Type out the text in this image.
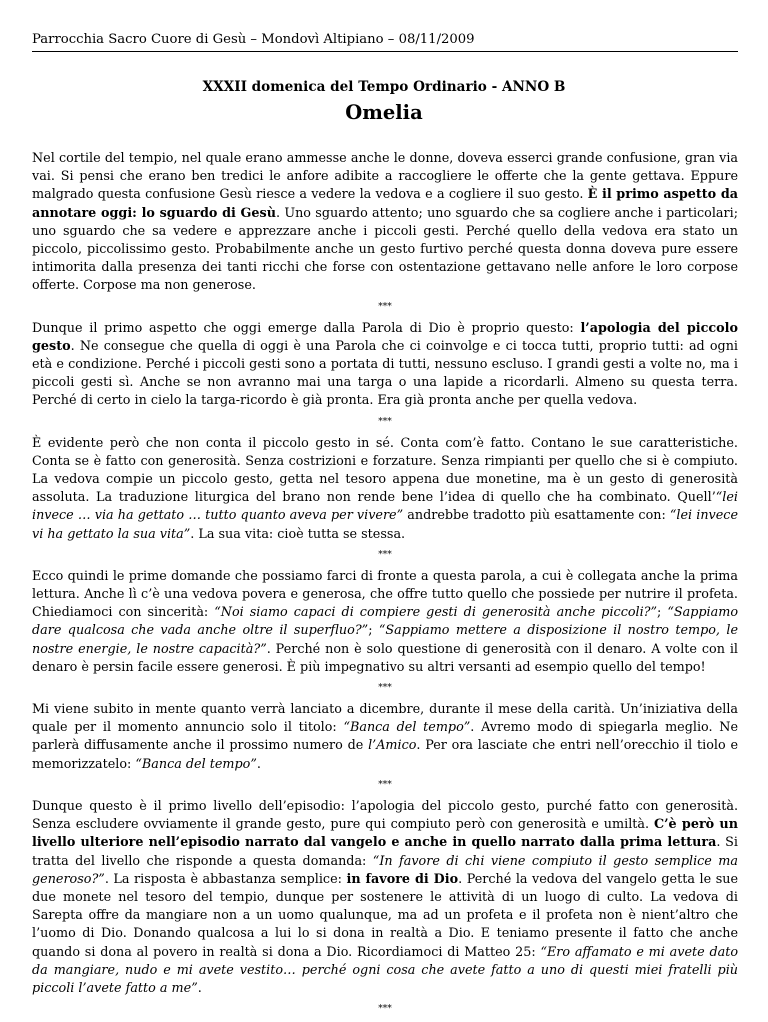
Parrocchia Sacro Cuore di Gesù – Mondovì Altipiano – 08/11/2009
XXXII domenica del Tempo Ordinario - ANNO B
Omelia

Nel cortile del tempio, nel quale erano ammesse anche le donne, doveva esserci grande confusione, gran via vai. Si pensi che erano ben tredici le anfore adibite a raccogliere le offerte che la gente gettava. Eppure malgrado questa confusione Gesù riesce a vedere la vedova e a cogliere il suo gesto. È il primo aspetto da annotare oggi: lo sguardo di Gesù. Uno sguardo attento; uno sguardo che sa cogliere anche i particolari; uno sguardo che sa vedere e apprezzare anche i piccoli gesti. Perché quello della vedova era stato un piccolo, piccolissimo gesto. Probabilmente anche un gesto furtivo perché questa donna doveva pure essere intimorita dalla presenza dei tanti ricchi che forse con ostentazione gettavano nelle anfore le loro corpose offerte. Corpose ma non generose.

***

Dunque il primo aspetto che oggi emerge dalla Parola di Dio è proprio questo: l’apologia del piccolo gesto. Ne consegue che quella di oggi è una Parola che ci coinvolge e ci tocca tutti, proprio tutti: ad ogni età e condizione. Perché i piccoli gesti sono a portata di tutti, nessuno escluso. I grandi gesti a volte no, ma i piccoli gesti sì. Anche se non avranno mai una targa o una lapide a ricordarli. Almeno su questa terra. Perché di certo in cielo la targa-ricordo è già pronta. Era già pronta anche per quella vedova.

***

È evidente però che non conta il piccolo gesto in sé. Conta com’è fatto. Contano le sue caratteristiche. Conta se è fatto con generosità. Senza costrizioni e forzature. Senza rimpianti per quello che si è compiuto. La vedova compie un piccolo gesto, getta nel tesoro appena due monetine, ma è un gesto di generosità assoluta. La traduzione liturgica del brano non rende bene l’idea di quello che ha combinato. Quell’“lei invece … via ha gettato … tutto quanto aveva per vivere” andrebbe tradotto più esattamente con: “lei invece vi ha gettato la sua vita”. La sua vita: cioè tutta se stessa.

***

Ecco quindi le prime domande che possiamo farci di fronte a questa parola, a cui è collegata anche la prima lettura. Anche lì c’è una vedova povera e generosa, che offre tutto quello che possiede per nutrire il profeta. Chiediamoci con sincerità: “Noi siamo capaci di compiere gesti di generosità anche piccoli?”; “Sappiamo dare qualcosa che vada anche oltre il superfluo?”; “Sappiamo mettere a disposizione il nostro tempo, le nostre energie, le nostre capacità?”. Perché non è solo questione di generosità con il denaro. A volte con il denaro è persin facile essere generosi. È più impegnativo su altri versanti ad esempio quello del tempo!

***

Mi viene subito in mente quanto verrà lanciato a dicembre, durante il mese della carità. Un’iniziativa della quale per il momento annuncio solo il titolo: “Banca del tempo”. Avremo modo di spiegarla meglio. Ne parlerà diffusamente anche il prossimo numero de l’Amico. Per ora lasciate che entri nell’orecchio il tiolo e memorizzatelo: “Banca del tempo”.

***

Dunque questo è il primo livello dell’episodio: l’apologia del piccolo gesto, purché fatto con generosità. Senza escludere ovviamente il grande gesto, pure qui compiuto però con generosità e umiltà. C’è però un livello ulteriore nell’episodio narrato dal vangelo e anche in quello narrato dalla prima lettura. Si tratta del livello che risponde a questa domanda: “In favore di chi viene compiuto il gesto semplice ma generoso?”. La risposta è abbastanza semplice: in favore di Dio. Perché la vedova del vangelo getta le sue due monete nel tesoro del tempio, dunque per sostenere le attività di un luogo di culto. La vedova di Sarepta offre da mangiare non a un uomo qualunque, ma ad un profeta e il profeta non è nient’altro che l’uomo di Dio. Donando qualcosa a lui lo si dona in realtà a Dio. E teniamo presente il fatto che anche quando si dona al povero in realtà si dona a Dio. Ricordiamoci di Matteo 25: “Ero affamato e mi avete dato da mangiare, nudo e mi avete vestito… perché ogni cosa che avete fatto a uno di questi miei fratelli più piccoli l’avete fatto a me”.

***
